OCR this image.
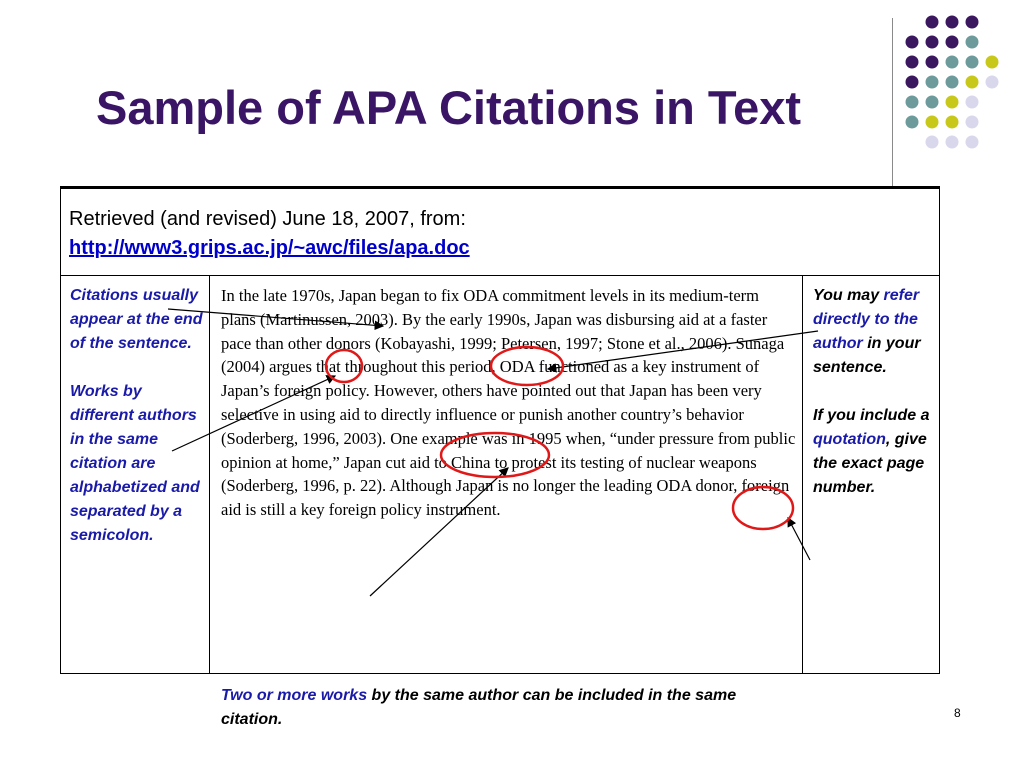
Sample of APA Citations in Text
Retrieved (and revised) June 18, 2007, from:
http://www3.grips.ac.jp/~awc/files/apa.doc
Citations usually appear at the end of the sentence.
Works by different authors in the same citation are alphabetized and separated by a semicolon.

In the late 1970s, Japan began to fix ODA commitment levels in its medium-term plans (Martinussen, 2003). By the early 1990s, Japan was disbursing aid at a faster pace than other donors (Kobayashi, 1999; Petersen, 1997; Stone et al., 2006). Sunaga (2004) argues that throughout this period, ODA functioned as a key instrument of Japan’s foreign policy. However, others have pointed out that Japan has been very selective in using aid to directly influence or punish another country’s behavior (Soderberg, 1996, 2003). One example was in 1995 when, “under pressure from public opinion at home,” Japan cut aid to China to protest its testing of nuclear weapons (Soderberg, 1996, p. 22). Although Japan is no longer the leading ODA donor, foreign aid is still a key foreign policy instrument.

Two or more works by the same author can be included in the same citation.
You may refer directly to the author in your sentence.
If you include a quotation, give the exact page number.
8
